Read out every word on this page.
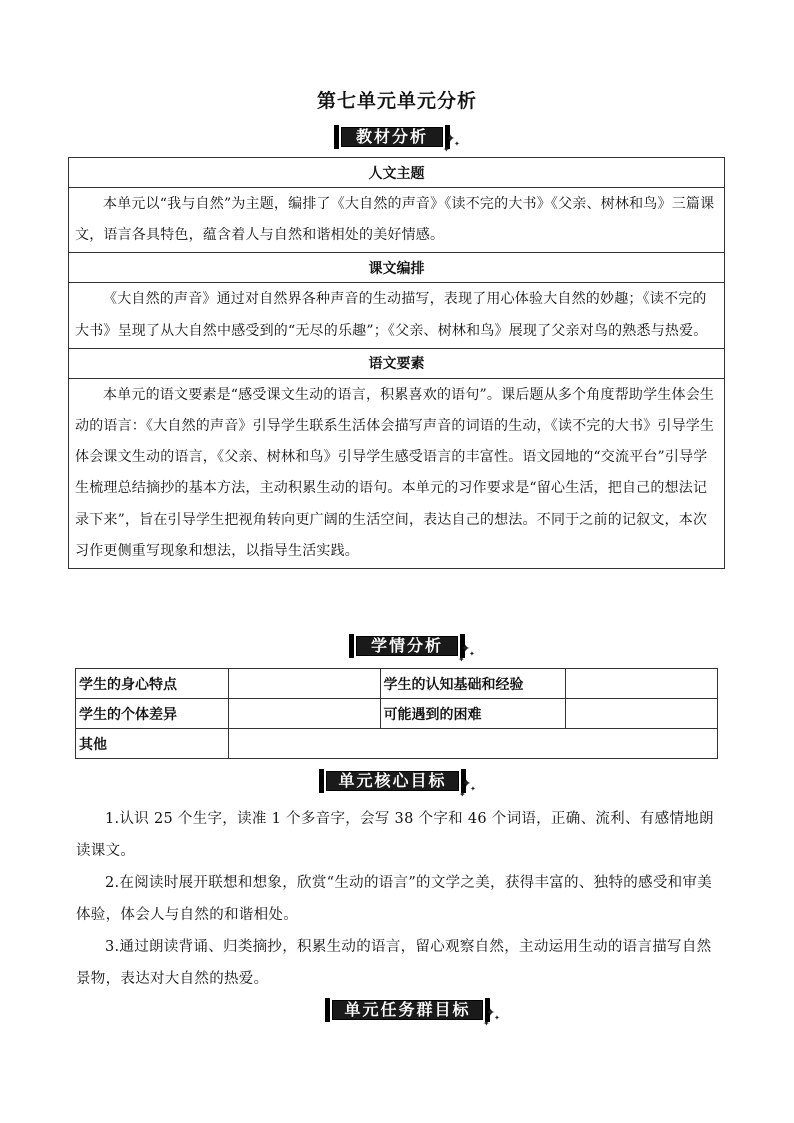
第七单元单元分析
教材分析	✦
✦
✦
人文主题
本单元以“我与自然”为主题，编排了《大自然的声音》《读不完的大书》《父亲、树林和鸟》三篇课文，语言各具特色，蕴含着人与自然和谐相处的美好情感。
课文编排
《大自然的声音》通过对自然界各种声音的生动描写，表现了用心体验大自然的妙趣；《读不完的大书》呈现了从大自然中感受到的“无尽的乐趣”；《父亲、树林和鸟》展现了父亲对鸟的熟悉与热爱。
语文要素
本单元的语文要素是“感受课文生动的语言，积累喜欢的语句”。课后题从多个角度帮助学生体会生动的语言：《大自然的声音》引导学生联系生活体会描写声音的词语的生动，《读不完的大书》引导学生体会课文生动的语言，《父亲、树林和鸟》引导学生感受语言的丰富性。语文园地的“交流平台”引导学生梳理总结摘抄的基本方法，主动积累生动的语句。本单元的习作要求是“留心生活，把自己的想法记录下来”，旨在引导学生把视角转向更广阔的生活空间，表达自己的想法。不同于之前的记叙文，本次习作更侧重写现象和想法，以指导生活实践。
学情分析	✦
✦
✦
学生的身心特点		学生的认知基础和经验	
学生的个体差异		可能遇到的困难	
其他			
单元核心目标	✦
✦
✦

1.认识 25 个生字，读准 1 个多音字，会写 38 个字和 46 个词语，正确、流利、有感情地朗读课文。

2.在阅读时展开联想和想象，欣赏“生动的语言”的文学之美，获得丰富的、独特的感受和审美体验，体会人与自然的和谐相处。

3.通过朗读背诵、归类摘抄，积累生动的语言，留心观察自然，主动运用生动的语言描写自然景物，表达对大自然的热爱。

单元任务群目标	✦
✦
✦
